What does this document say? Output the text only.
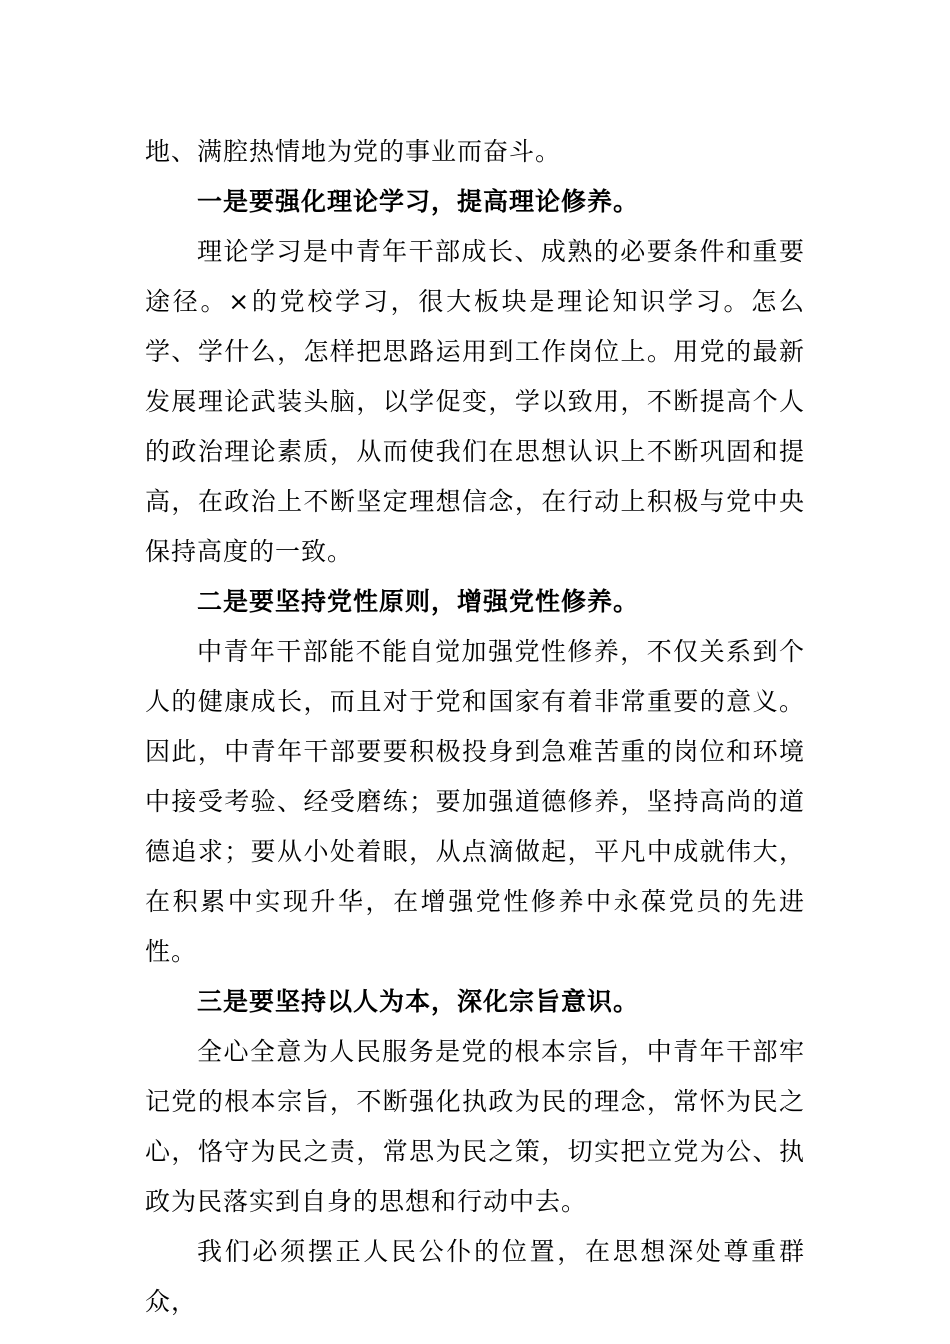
地、满腔热情地为党的事业而奋斗。

一是要强化理论学习，提高理论修养。

理论学习是中青年干部成长、成熟的必要条件和重要途径。×的党校学习，很大板块是理论知识学习。怎么学、学什么，怎样把思路运用到工作岗位上。用党的最新发展理论武装头脑，以学促变，学以致用，不断提高个人的政治理论素质，从而使我们在思想认识上不断巩固和提高，在政治上不断坚定理想信念，在行动上积极与党中央保持高度的一致。

二是要坚持党性原则，增强党性修养。

中青年干部能不能自觉加强党性修养，不仅关系到个人的健康成长，而且对于党和国家有着非常重要的意义。因此，中青年干部要要积极投身到急难苦重的岗位和环境中接受考验、经受磨练；要加强道德修养，坚持高尚的道德追求；要从小处着眼，从点滴做起，平凡中成就伟大，在积累中实现升华，在增强党性修养中永葆党员的先进性。

三是要坚持以人为本，深化宗旨意识。

全心全意为人民服务是党的根本宗旨，中青年干部牢记党的根本宗旨，不断强化执政为民的理念，常怀为民之心，恪守为民之责，常思为民之策，切实把立党为公、执政为民落实到自身的思想和行动中去。

我们必须摆正人民公仆的位置，在思想深处尊重群众，
